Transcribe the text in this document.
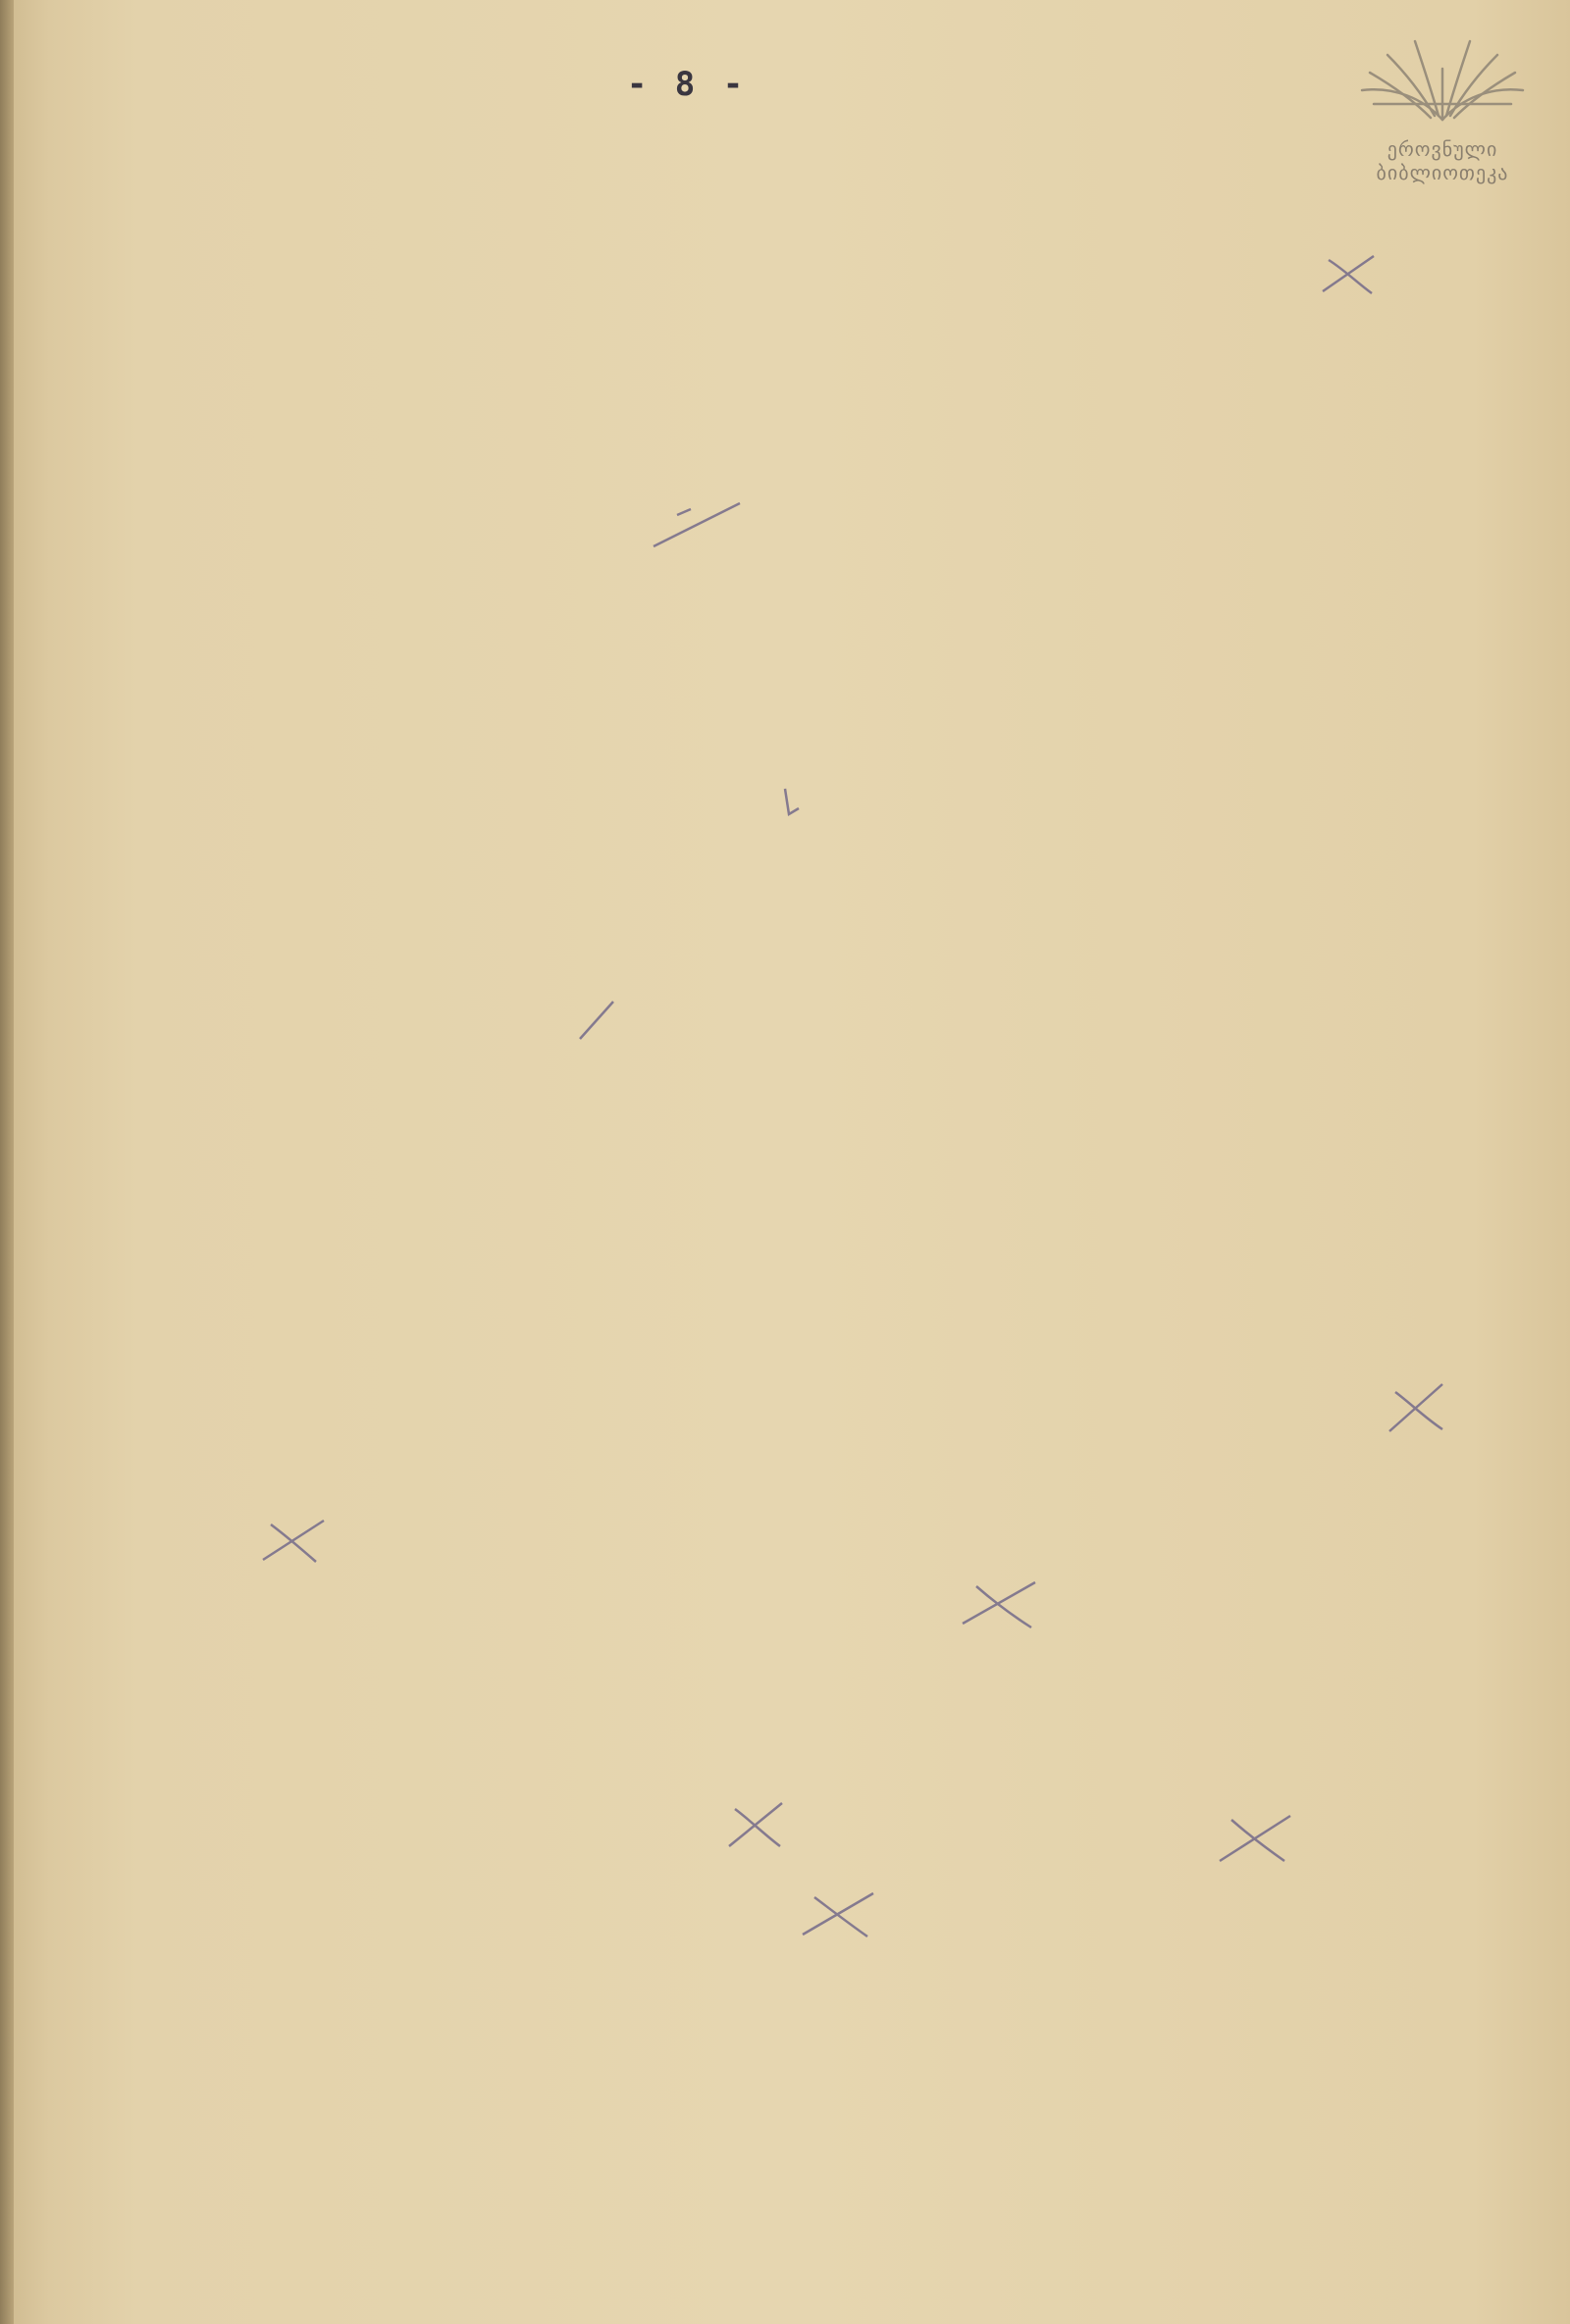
- 8 -
ეროვნული
ბიბლიოთეკა
